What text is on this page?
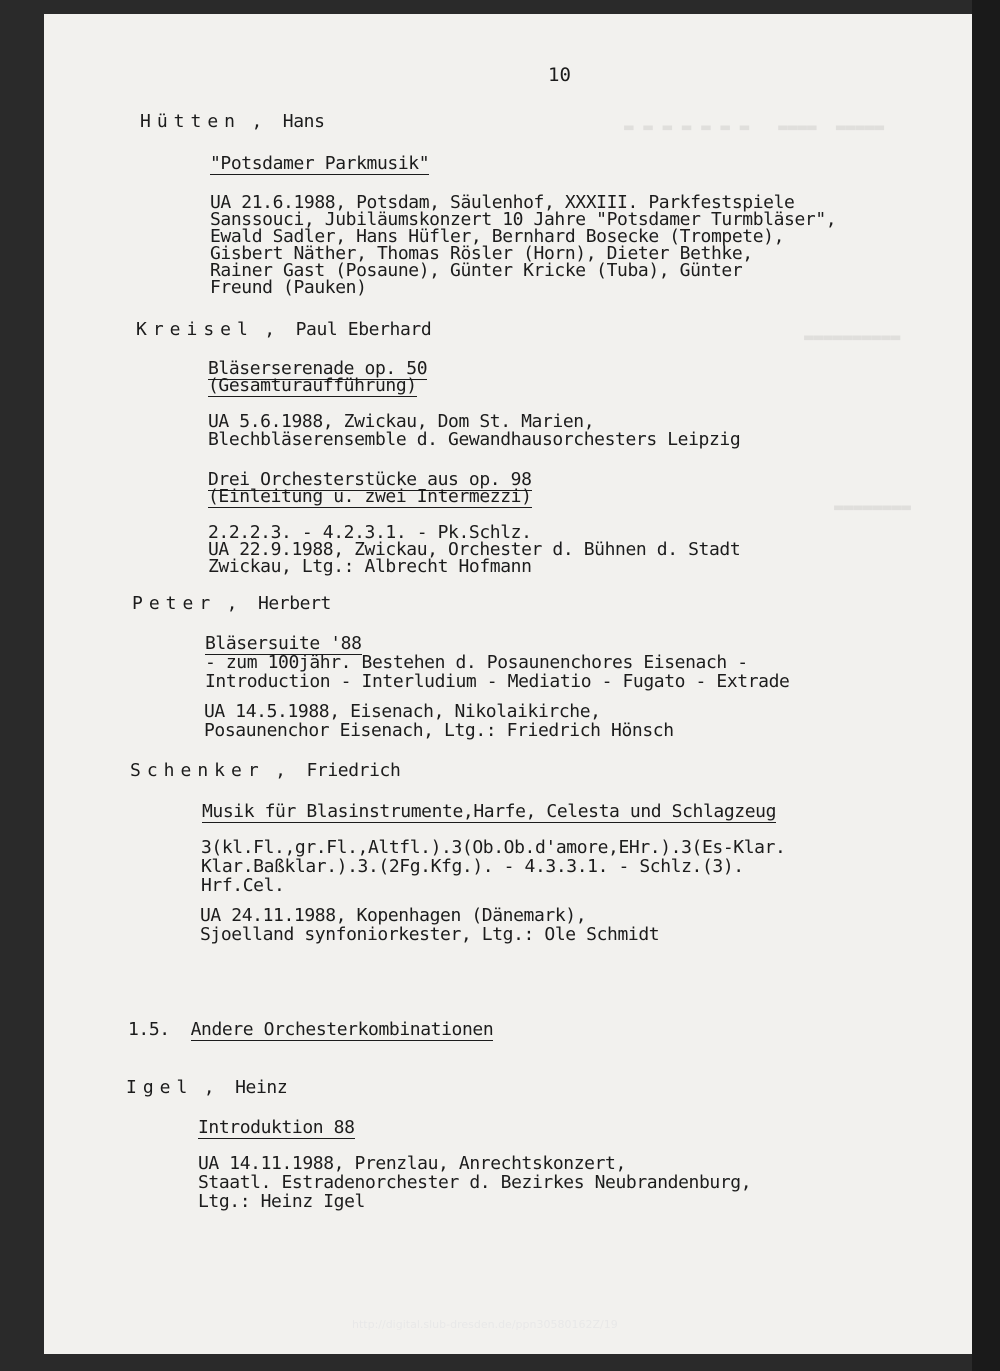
▬ ▬ ▬ ▬ ▬ ▬ ▬   ▬▬▬▬  ▬▬▬▬▬
▬▬▬▬▬▬▬▬▬▬
▬▬▬▬▬▬▬▬
10
Hütten ,  Hans
"Potsdamer Parkmusik"
UA 21.6.1988, Potsdam, Säulenhof, XXXIII. Parkfestspiele
Sanssouci, Jubiläumskonzert 10 Jahre "Potsdamer Turmbläser",
Ewald Sadler, Hans Hüfler, Bernhard Bosecke (Trompete),
Gisbert Näther, Thomas Rösler (Horn), Dieter Bethke,
Rainer Gast (Posaune), Günter Kricke (Tuba), Günter
Freund (Pauken)
Kreisel ,  Paul Eberhard
Bläserserenade op. 50
(Gesamturaufführung)
UA 5.6.1988, Zwickau, Dom St. Marien,
Blechbläserensemble d. Gewandhausorchesters Leipzig
Drei Orchesterstücke aus op. 98
(Einleitung u. zwei Intermezzi)
2.2.2.3. - 4.2.3.1. - Pk.Schlz.
UA 22.9.1988, Zwickau, Orchester d. Bühnen d. Stadt
Zwickau, Ltg.: Albrecht Hofmann
Peter ,  Herbert
Bläsersuite '88
- zum 100jähr. Bestehen d. Posaunenchores Eisenach -
Introduction - Interludium - Mediatio - Fugato - Extrade
UA 14.5.1988, Eisenach, Nikolaikirche,
Posaunenchor Eisenach, Ltg.: Friedrich Hönsch
Schenker ,  Friedrich
Musik für Blasinstrumente,Harfe, Celesta und Schlagzeug
3(kl.Fl.,gr.Fl.,Altfl.).3(Ob.Ob.d'amore,EHr.).3(Es-Klar.
Klar.Baßklar.).3.(2Fg.Kfg.). - 4.3.3.1. - Schlz.(3).
Hrf.Cel.
UA 24.11.1988, Kopenhagen (Dänemark),
Sjoelland synfoniorkester, Ltg.: Ole Schmidt
1.5. Andere Orchesterkombinationen
Igel ,  Heinz
Introduktion 88
UA 14.11.1988, Prenzlau, Anrechtskonzert,
Staatl. Estradenorchester d. Bezirkes Neubrandenburg,
Ltg.: Heinz Igel
http://digital.slub-dresden.de/ppn30580162Z/19
